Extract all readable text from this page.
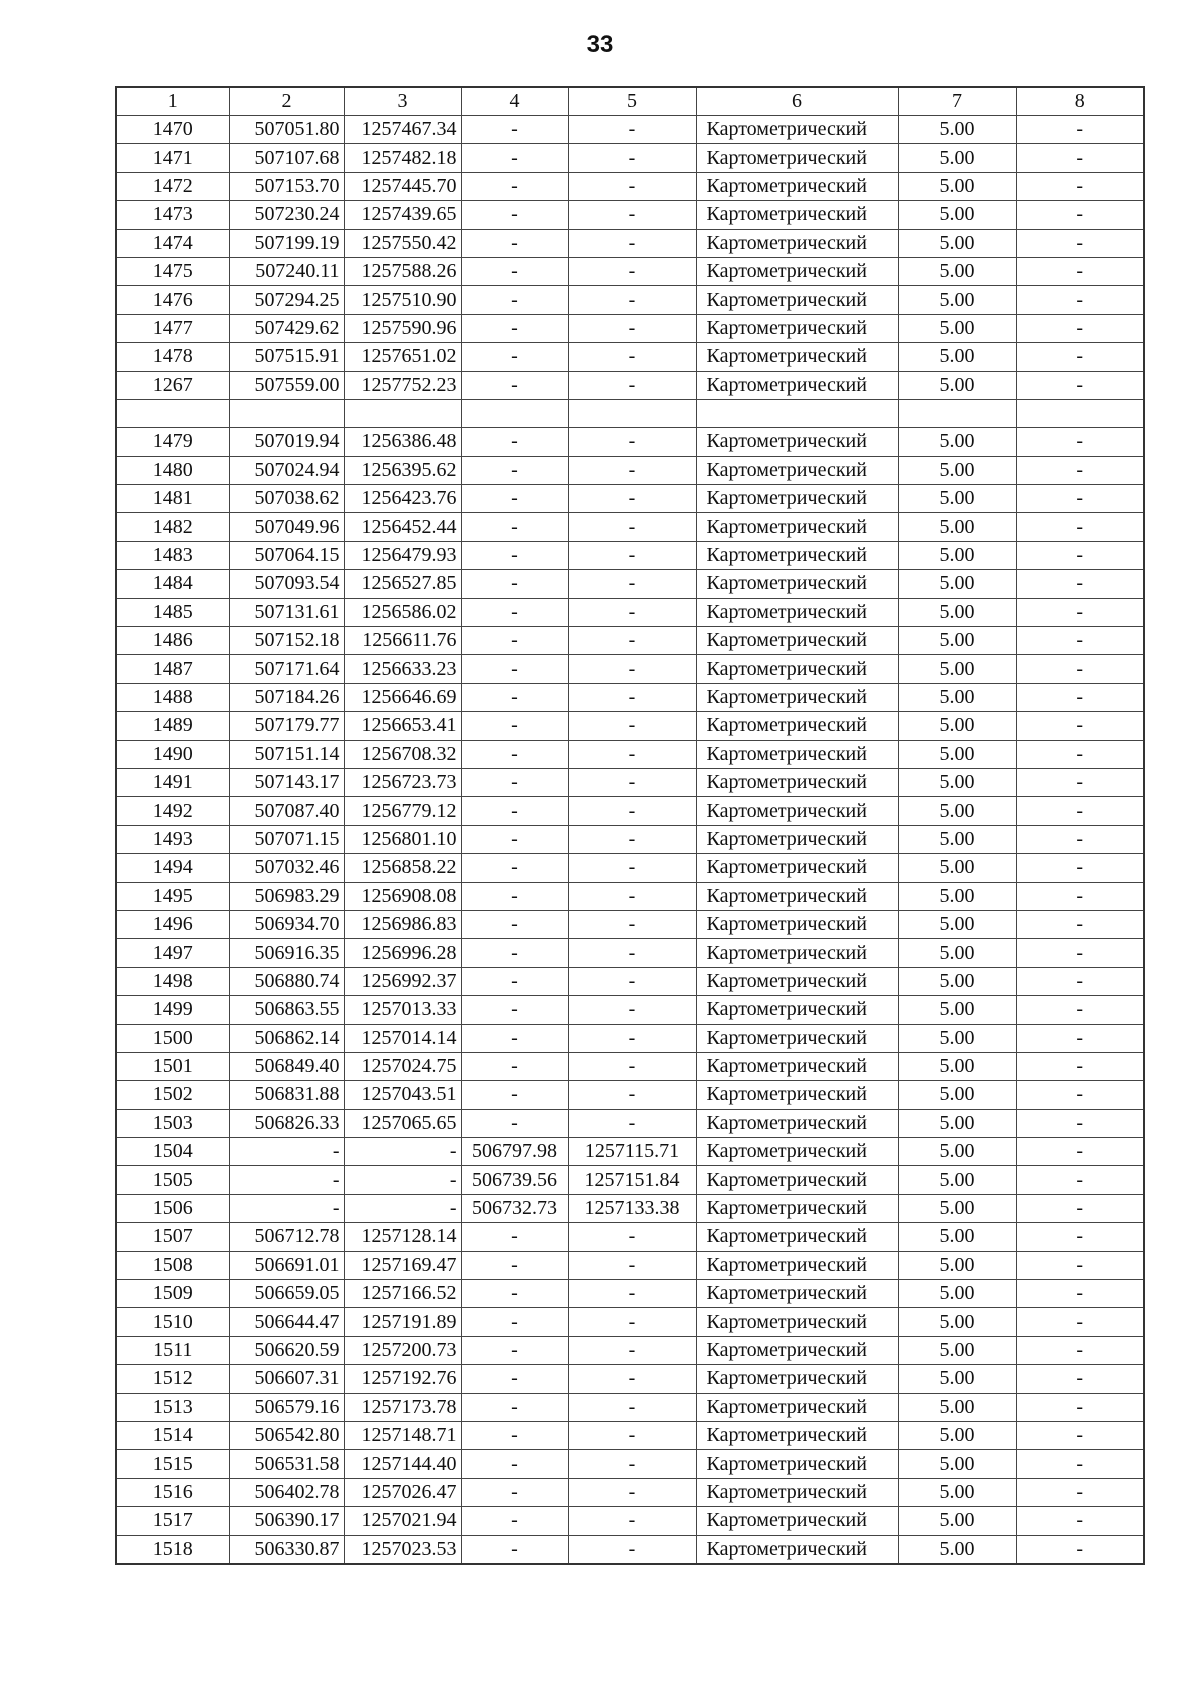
33
1	2	3	4	5	6	7	8
1470	507051.80	1257467.34	-	-	Картометрический	5.00	-
1471	507107.68	1257482.18	-	-	Картометрический	5.00	-
1472	507153.70	1257445.70	-	-	Картометрический	5.00	-
1473	507230.24	1257439.65	-	-	Картометрический	5.00	-
1474	507199.19	1257550.42	-	-	Картометрический	5.00	-
1475	507240.11	1257588.26	-	-	Картометрический	5.00	-
1476	507294.25	1257510.90	-	-	Картометрический	5.00	-
1477	507429.62	1257590.96	-	-	Картометрический	5.00	-
1478	507515.91	1257651.02	-	-	Картометрический	5.00	-
1267	507559.00	1257752.23	-	-	Картометрический	5.00	-

1479	507019.94	1256386.48	-	-	Картометрический	5.00	-
1480	507024.94	1256395.62	-	-	Картометрический	5.00	-
1481	507038.62	1256423.76	-	-	Картометрический	5.00	-
1482	507049.96	1256452.44	-	-	Картометрический	5.00	-
1483	507064.15	1256479.93	-	-	Картометрический	5.00	-
1484	507093.54	1256527.85	-	-	Картометрический	5.00	-
1485	507131.61	1256586.02	-	-	Картометрический	5.00	-
1486	507152.18	1256611.76	-	-	Картометрический	5.00	-
1487	507171.64	1256633.23	-	-	Картометрический	5.00	-
1488	507184.26	1256646.69	-	-	Картометрический	5.00	-
1489	507179.77	1256653.41	-	-	Картометрический	5.00	-
1490	507151.14	1256708.32	-	-	Картометрический	5.00	-
1491	507143.17	1256723.73	-	-	Картометрический	5.00	-
1492	507087.40	1256779.12	-	-	Картометрический	5.00	-
1493	507071.15	1256801.10	-	-	Картометрический	5.00	-
1494	507032.46	1256858.22	-	-	Картометрический	5.00	-
1495	506983.29	1256908.08	-	-	Картометрический	5.00	-
1496	506934.70	1256986.83	-	-	Картометрический	5.00	-
1497	506916.35	1256996.28	-	-	Картометрический	5.00	-
1498	506880.74	1256992.37	-	-	Картометрический	5.00	-
1499	506863.55	1257013.33	-	-	Картометрический	5.00	-
1500	506862.14	1257014.14	-	-	Картометрический	5.00	-
1501	506849.40	1257024.75	-	-	Картометрический	5.00	-
1502	506831.88	1257043.51	-	-	Картометрический	5.00	-
1503	506826.33	1257065.65	-	-	Картометрический	5.00	-
1504	-	-	506797.98	1257115.71	Картометрический	5.00	-
1505	-	-	506739.56	1257151.84	Картометрический	5.00	-
1506	-	-	506732.73	1257133.38	Картометрический	5.00	-
1507	506712.78	1257128.14	-	-	Картометрический	5.00	-
1508	506691.01	1257169.47	-	-	Картометрический	5.00	-
1509	506659.05	1257166.52	-	-	Картометрический	5.00	-
1510	506644.47	1257191.89	-	-	Картометрический	5.00	-
1511	506620.59	1257200.73	-	-	Картометрический	5.00	-
1512	506607.31	1257192.76	-	-	Картометрический	5.00	-
1513	506579.16	1257173.78	-	-	Картометрический	5.00	-
1514	506542.80	1257148.71	-	-	Картометрический	5.00	-
1515	506531.58	1257144.40	-	-	Картометрический	5.00	-
1516	506402.78	1257026.47	-	-	Картометрический	5.00	-
1517	506390.17	1257021.94	-	-	Картометрический	5.00	-
1518	506330.87	1257023.53	-	-	Картометрический	5.00	-
